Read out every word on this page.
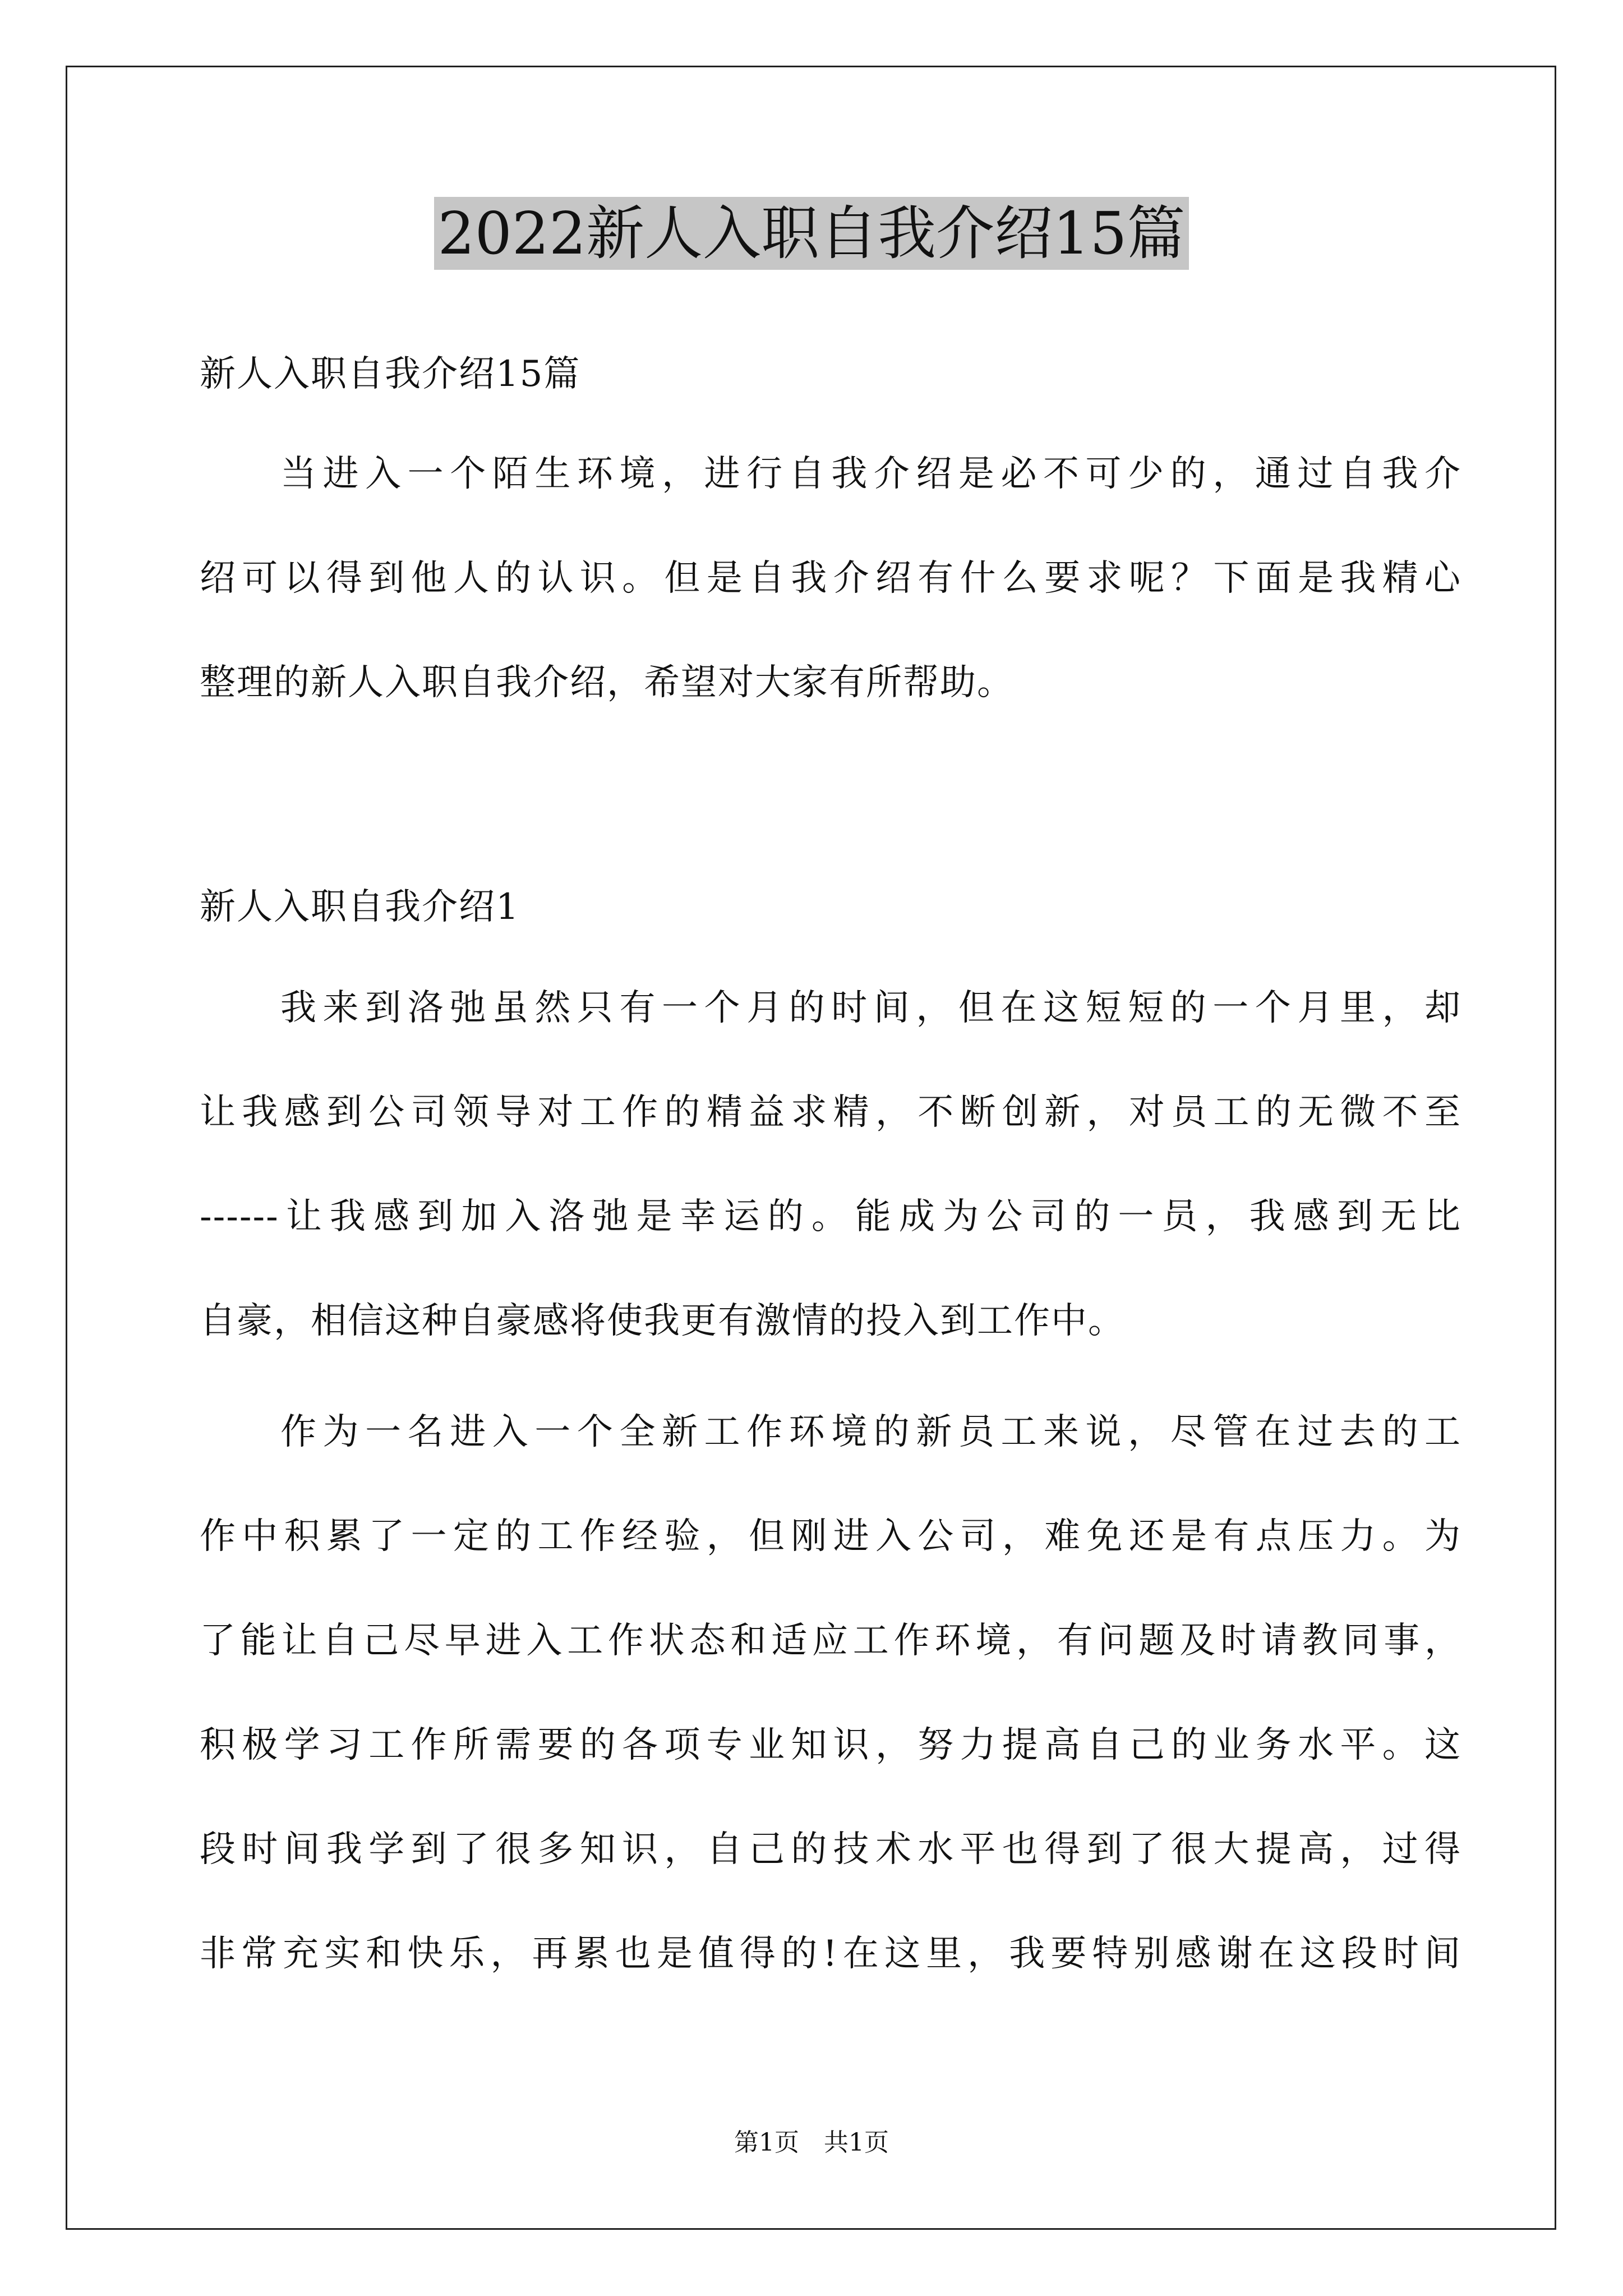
2022新人入职自我介绍15篇
新人入职自我介绍15篇
当进入一个陌生环境，进行自我介绍是必不可少的，通过自我介
绍可以得到他人的认识。但是自我介绍有什么要求呢？下面是我精心
整理的新人入职自我介绍，希望对大家有所帮助。
新人入职自我介绍1
我来到洛弛虽然只有一个月的时间，但在这短短的一个月里，却
让我感到公司领导对工作的精益求精，不断创新，对员工的无微不至
------让我感到加入洛弛是幸运的。能成为公司的一员，我感到无比
自豪，相信这种自豪感将使我更有激情的投入到工作中。
作为一名进入一个全新工作环境的新员工来说，尽管在过去的工
作中积累了一定的工作经验，但刚进入公司，难免还是有点压力。为
了能让自己尽早进入工作状态和适应工作环境，有问题及时请教同事，
积极学习工作所需要的各项专业知识，努力提高自己的业务水平。这
段时间我学到了很多知识，自己的技术水平也得到了很大提高，过得
非常充实和快乐，再累也是值得的!在这里，我要特别感谢在这段时间
第1页　共1页
